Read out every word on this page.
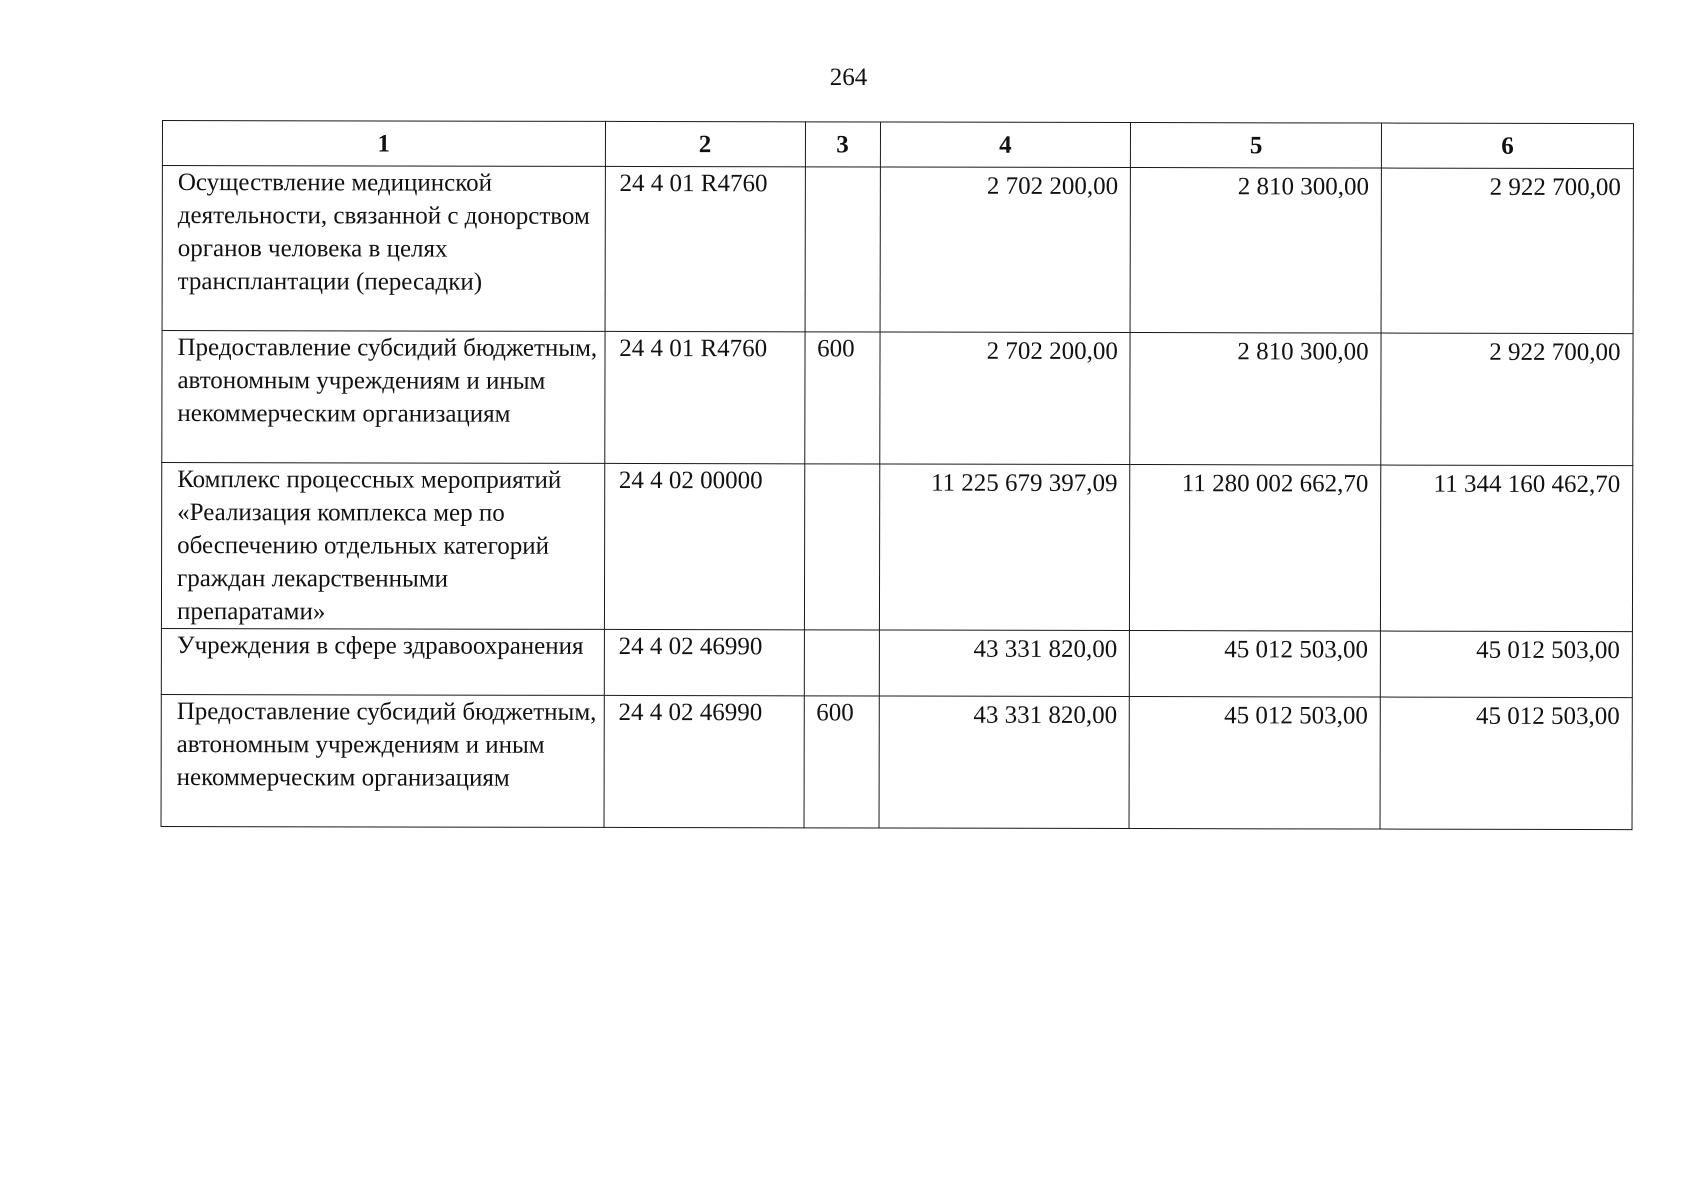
264
1	2	3	4	5	6
Осуществление медицинской деятельности, связанной с донорством органов человека в целях трансплантации (пересадки)	24 4 01 R4760		2 702 200,00	2 810 300,00	2 922 700,00
Предоставление субсидий бюджетным, автономным учреждениям и иным некоммерческим организациям	24 4 01 R4760	600	2 702 200,00	2 810 300,00	2 922 700,00
Комплекс процессных мероприятий «Реализация комплекса мер по обеспечению отдельных категорий граждан лекарственными препаратами»	24 4 02 00000		11 225 679 397,09	11 280 002 662,70	11 344 160 462,70
Учреждения в сфере здравоохранения	24 4 02 46990		43 331 820,00	45 012 503,00	45 012 503,00
Предоставление субсидий бюджетным, автономным учреждениям и иным некоммерческим организациям	24 4 02 46990	600	43 331 820,00	45 012 503,00	45 012 503,00
